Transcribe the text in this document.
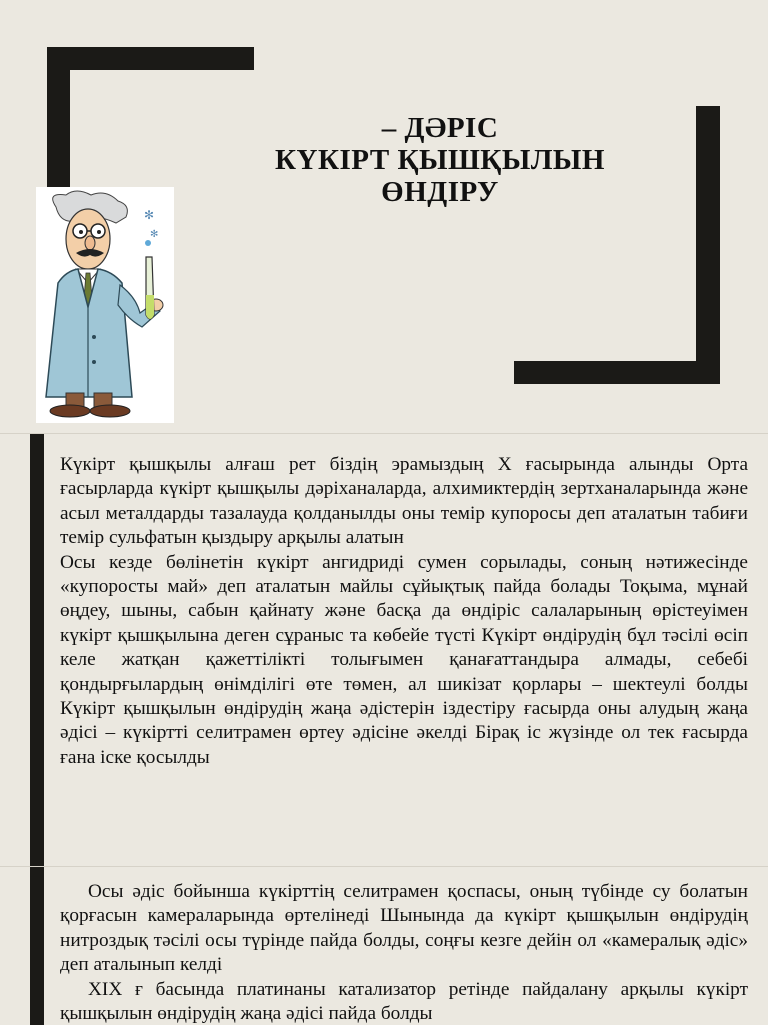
– ДӘРІС
КҮКІРТ ҚЫШҚЫЛЫН
ӨНДІРУ
✻
✻

Күкірт қышқылы алғаш рет біздің эрамыздың Х ғасырында алынды Орта ғасырларда күкірт қышқылы дәріханаларда, алхимиктердің зертханаларында және асыл металдарды тазалауда қолданылды оны темір купоросы деп аталатын табиғи темір сульфатын қыздыру арқылы алатын

Осы кезде бөлінетін күкірт ангидриді сумен сорылады, соның нәтижесінде «купоросты май» деп аталатын майлы сұйықтық пайда болады Тоқыма, мұнай өңдеу, шыны, сабын қайнату және басқа да өндіріс салаларының өрістеуімен күкірт қышқылына деген сұраныс та көбейе түсті Күкірт өндірудің бұл тәсілі өсіп келе жатқан қажеттілікті толығымен қанағаттандыра алмады, себебі қондырғылардың өнімділігі өте төмен, ал шикізат қорлары – шектеулі болды Күкірт қышқылын өндірудің жаңа әдістерін іздестіру ғасырда оны алудың жаңа әдісі – күкіртті селитрамен өртеу әдісіне әкелді Бірақ іс жүзінде ол тек ғасырда ғана іске қосылды

Осы әдіс бойынша күкірттің селитрамен қоспасы, оның түбінде су болатын қорғасын камераларында өртелінеді Шынында да күкірт қышқылын өндірудің нитроздық тәсілі осы түрінде пайда болды, соңғы кезге дейін ол «камералық әдіс» деп аталынып келді

XIX ғ басында платинаны катализатор ретінде пайдалану арқылы күкірт қышқылын өндірудің жаңа әдісі пайда болды
